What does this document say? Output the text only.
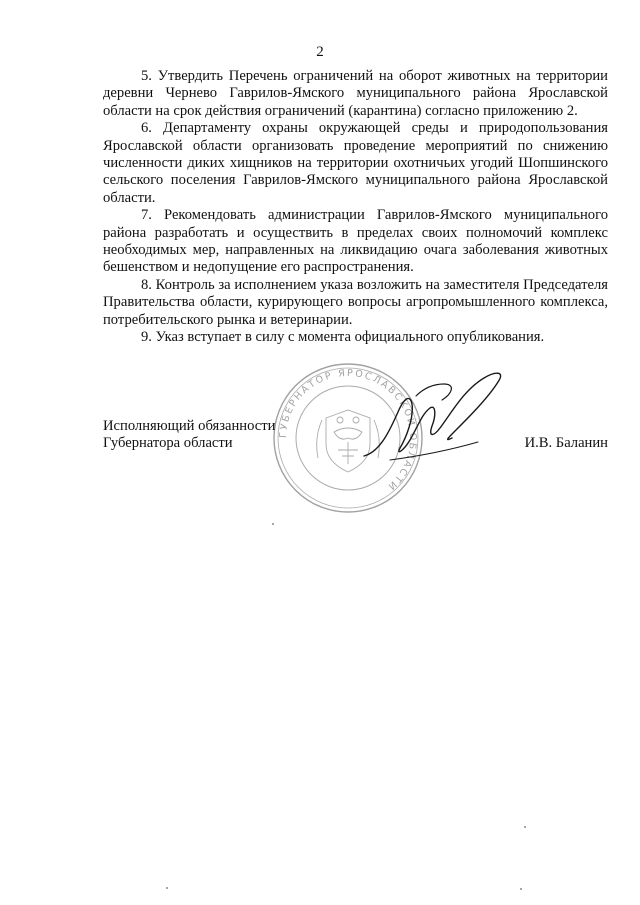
2

5. Утвердить Перечень ограничений на оборот животных на территории деревни Чернево Гаврилов-Ямского муниципального района Ярославской области на срок действия ограничений (карантина) согласно приложению 2.

6. Департаменту охраны окружающей среды и природопользования Ярославской области организовать проведение мероприятий по снижению численности диких хищников на территории охотничьих угодий Шопшинского сельского поселения Гаврилов-Ямского муниципального района Ярославской области.

7. Рекомендовать администрации Гаврилов-Ямского муниципального района разработать и осуществить в пределах своих полномочий комплекс необходимых мер, направленных на ликвидацию очага заболевания животных бешенством и недопущение его распространения.

8. Контроль за исполнением указа возложить на заместителя Председателя Правительства области, курирующего вопросы агропромышленного комплекса, потребительского рынка и ветеринарии.

9. Указ вступает в силу с момента официального опубликования.

ГУБЕРНАТОР ЯРОСЛАВСКОЙ ОБЛАСТИ
Исполняющий обязанности
Губернатора области	И.В. Баланин
